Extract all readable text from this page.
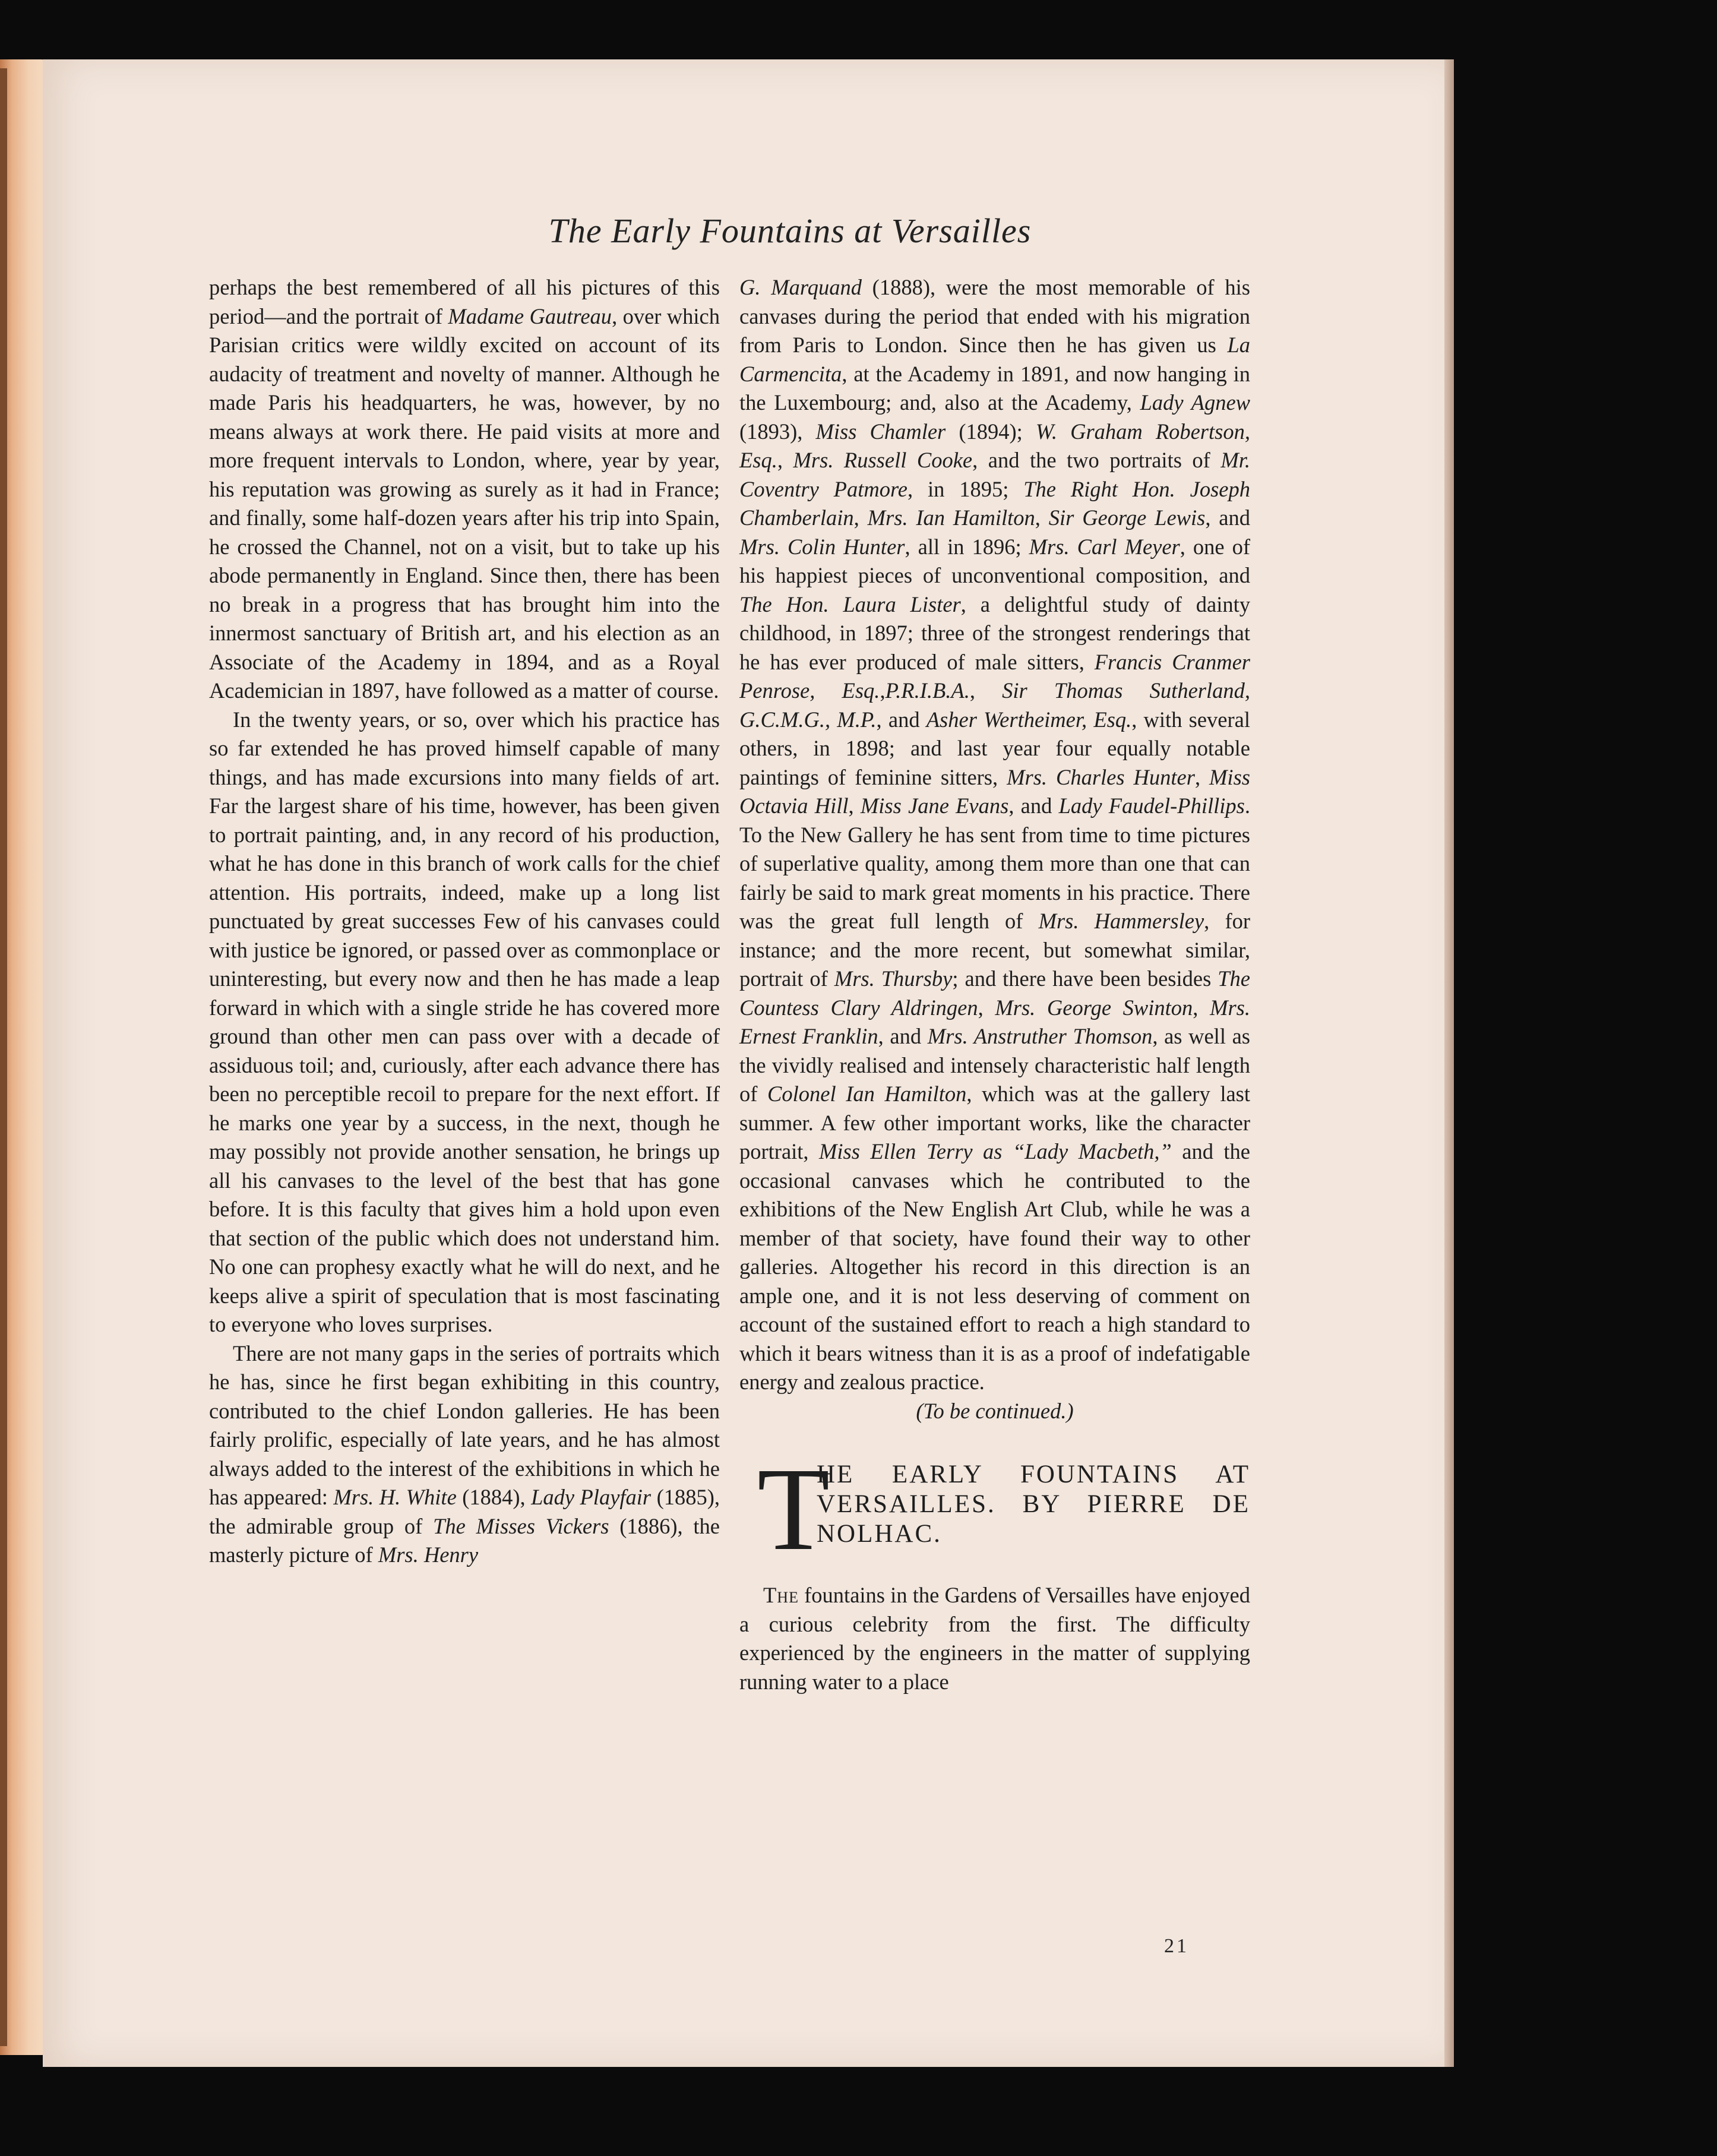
The Early Fountains at Versailles

perhaps the best remembered of all his pictures of this period—and the portrait of Madame Gautreau, over which Parisian critics were wildly excited on account of its audacity of treatment and novelty of manner. Although he made Paris his headquarters, he was, however, by no means always at work there. He paid visits at more and more frequent intervals to London, where, year by year, his reputation was growing as surely as it had in France; and finally, some half-dozen years after his trip into Spain, he crossed the Channel, not on a visit, but to take up his abode permanently in England. Since then, there has been no break in a progress that has brought him into the innermost sanctuary of British art, and his election as an Associate of the Academy in 1894, and as a Royal Academician in 1897, have followed as a matter of course.

In the twenty years, or so, over which his practice has so far extended he has proved himself capable of many things, and has made excursions into many fields of art. Far the largest share of his time, however, has been given to portrait painting, and, in any record of his production, what he has done in this branch of work calls for the chief attention. His portraits, indeed, make up a long list punctuated by great successes Few of his canvases could with justice be ignored, or passed over as commonplace or uninteresting, but every now and then he has made a leap forward in which with a single stride he has covered more ground than other men can pass over with a decade of assiduous toil; and, curiously, after each advance there has been no perceptible recoil to prepare for the next effort. If he marks one year by a success, in the next, though he may possibly not provide another sensation, he brings up all his canvases to the level of the best that has gone before. It is this faculty that gives him a hold upon even that section of the public which does not understand him. No one can prophesy exactly what he will do next, and he keeps alive a spirit of speculation that is most fascinating to everyone who loves surprises.

There are not many gaps in the series of portraits which he has, since he first began exhibiting in this country, contributed to the chief London galleries. He has been fairly prolific, especially of late years, and he has almost always added to the interest of the exhibitions in which he has appeared: Mrs. H. White (1884), Lady Playfair (1885), the admirable group of The Misses Vickers (1886), the masterly picture of Mrs. Henry

G. Marquand (1888), were the most memorable of his canvases during the period that ended with his migration from Paris to London. Since then he has given us La Carmencita, at the Academy in 1891, and now hanging in the Luxembourg; and, also at the Academy, Lady Agnew (1893), Miss Chamler (1894); W. Graham Robertson, Esq., Mrs. Russell Cooke, and the two portraits of Mr. Coventry Patmore, in 1895; The Right Hon. Joseph Chamberlain, Mrs. Ian Hamilton, Sir George Lewis, and Mrs. Colin Hunter, all in 1896; Mrs. Carl Meyer, one of his happiest pieces of unconventional composition, and The Hon. Laura Lister, a delightful study of dainty childhood, in 1897; three of the strongest renderings that he has ever produced of male sitters, Francis Cranmer Penrose, Esq.,P.R.I.B.A., Sir Thomas Sutherland, G.C.M.G., M.P., and Asher Wertheimer, Esq., with several others, in 1898; and last year four equally notable paintings of feminine sitters, Mrs. Charles Hunter, Miss Octavia Hill, Miss Jane Evans, and Lady Faudel-Phillips. To the New Gallery he has sent from time to time pictures of superlative quality, among them more than one that can fairly be said to mark great moments in his practice. There was the great full length of Mrs. Hammersley, for instance; and the more recent, but somewhat similar, portrait of Mrs. Thursby; and there have been besides The Countess Clary Aldringen, Mrs. George Swinton, Mrs. Ernest Franklin, and Mrs. Anstruther Thomson, as well as the vividly realised and intensely characteristic half length of Colonel Ian Hamilton, which was at the gallery last summer. A few other important works, like the character portrait, Miss Ellen Terry as “Lady Macbeth,” and the occasional canvases which he contributed to the exhibitions of the New English Art Club, while he was a member of that society, have found their way to other galleries. Altogether his record in this direction is an ample one, and it is not less deserving of comment on account of the sustained effort to reach a high standard to which it bears witness than it is as a proof of indefatigable energy and zealous practice.

(To be continued.)

T
HE EARLY FOUNTAINS AT VERSAILLES. BY PIERRE DE NOLHAC.

The fountains in the Gardens of Versailles have enjoyed a curious celebrity from the first. The difficulty experienced by the engineers in the matter of supplying running water to a place

21
